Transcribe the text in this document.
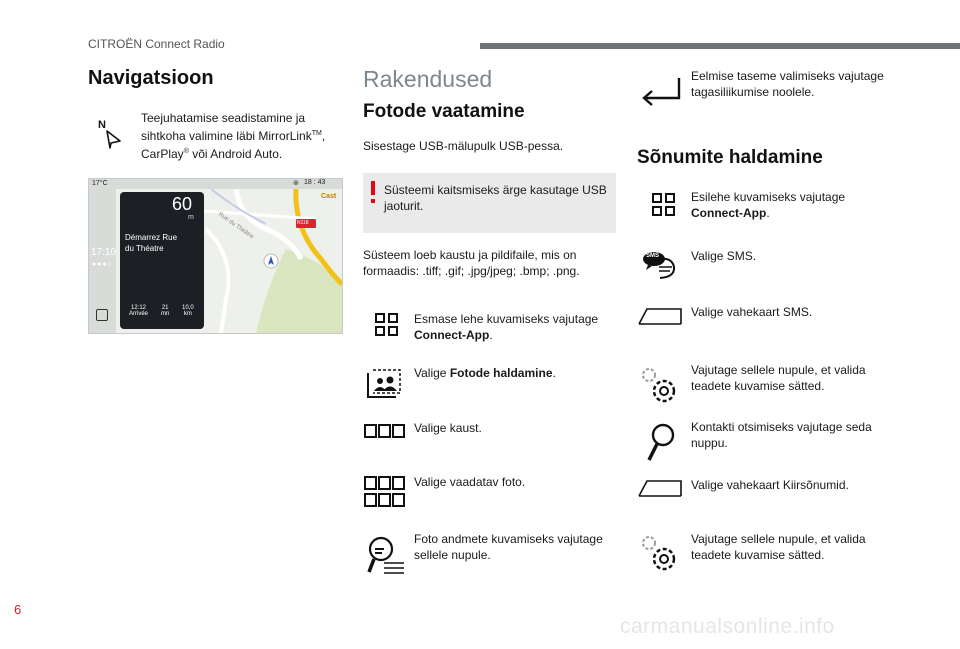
CITROËN Connect Radio
Navigatsioon
N	Teejuhatamise seadistamine ja
sihtkoha valimine läbi MirrorLink™,
CarPlay® või Android Auto.
17°C
17:10
●●●○
18 : 43
⊚
N118
Rue du Théâtre
Cast
60
m
Démarrez Rue
du Théatre
12:12
Arrivée
21
mn
10,0
km
Rakendused
Fotode vaatamine
Sisestage USB-mälupulk USB-pessa.
Süsteemi kaitsmiseks ärge kasutage USB
jaoturit.
Süsteem loeb kaustu ja pildifaile, mis on
formaadis: .tiff; .gif; .jpg/jpeg; .bmp; .png.
Esmase lehe kuvamiseks vajutage
Connect-App.
Valige Fotode haldamine.
Valige kaust.
Valige vaadatav foto.
Foto andmete kuvamiseks vajutage
sellele nupule.
Eelmise taseme valimiseks vajutage
tagasiliikumise noolele.
Sõnumite haldamine
SMS
Esilehe kuvamiseks vajutage
Connect-App.
Valige SMS.
Valige vahekaart SMS.
Vajutage sellele nupule, et valida
teadete kuvamise sätted.
Kontakti otsimiseks vajutage seda
nuppu.
Valige vahekaart Kiirsõnumid.
Vajutage sellele nupule, et valida
teadete kuvamise sätted.
6
carmanualsonline.info
